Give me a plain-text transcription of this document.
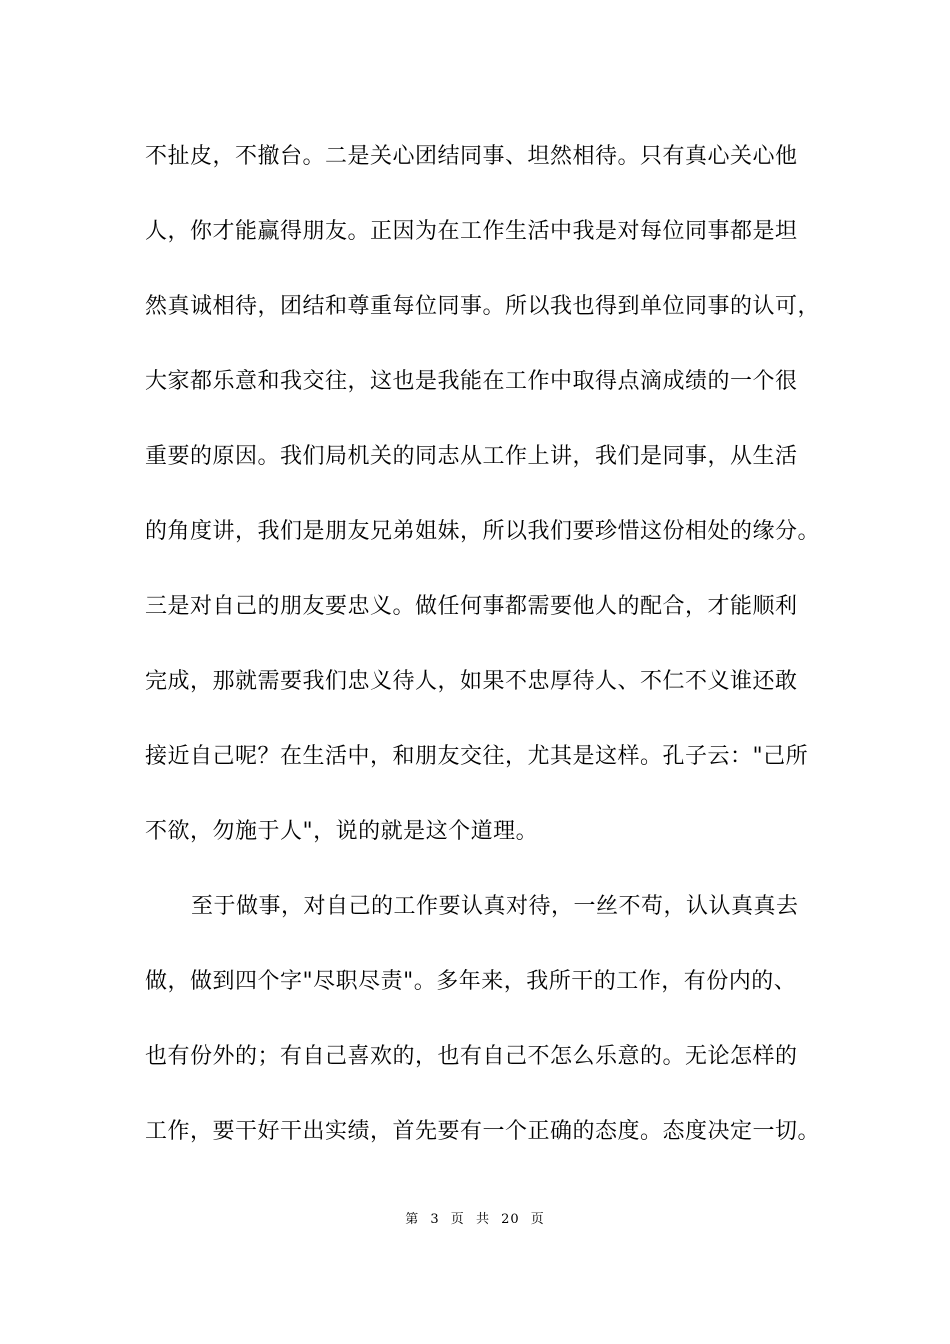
不扯皮，不撤台。二是关心团结同事、坦然相待。只有真心关心他
人，你才能赢得朋友。正因为在工作生活中我是对每位同事都是坦
然真诚相待，团结和尊重每位同事。所以我也得到单位同事的认可，
大家都乐意和我交往，这也是我能在工作中取得点滴成绩的一个很
重要的原因。我们局机关的同志从工作上讲，我们是同事，从生活
的角度讲，我们是朋友兄弟姐妹，所以我们要珍惜这份相处的缘分。
三是对自己的朋友要忠义。做任何事都需要他人的配合，才能顺利
完成，那就需要我们忠义待人，如果不忠厚待人、不仁不义谁还敢
接近自己呢？在生活中，和朋友交往，尤其是这样。孔子云："己所
不欲，勿施于人"，说的就是这个道理。
至于做事，对自己的工作要认真对待，一丝不苟，认认真真去
做，做到四个字"尽职尽责"。多年来，我所干的工作，有份内的、
也有份外的；有自己喜欢的，也有自己不怎么乐意的。无论怎样的
工作，要干好干出实绩，首先要有一个正确的态度。态度决定一切。
第 3 页 共 20 页
